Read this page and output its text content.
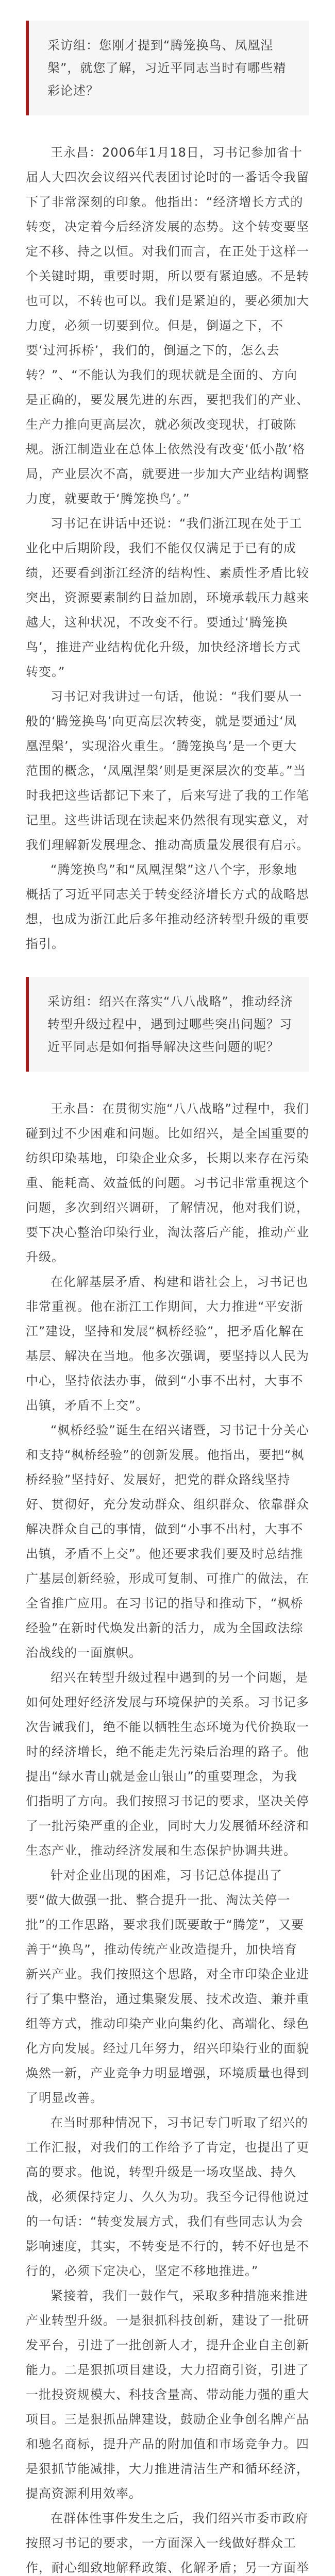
采访组：您刚才提到“腾笼换鸟、凤凰涅槃”，就您了解，习近平同志当时有哪些精彩论述？

王永昌：2006年1月18日，习书记参加省十届人大四次会议绍兴代表团讨论时的一番话令我留下了非常深刻的印象。他指出：“经济增长方式的转变，决定着今后经济发展的态势。这个转变要坚定不移、持之以恒。对我们而言，在正处于这样一个关键时期，重要时期，所以要有紧迫感。不是转也可以，不转也可以。我们是紧迫的，要必须加大力度，必须一切要到位。但是，倒逼之下，不要‘过河拆桥’，我们的，倒逼之下的，怎么去转？”、“不能认为我们的现状就是全面的、方向是正确的，要发展先进的东西，要把我们的产业、生产力推向更高层次，就必须改变现状，打破陈规。浙江制造业在总体上依然没有改变‘低小散’格局，产业层次不高，就要进一步加大产业结构调整力度，就要敢于‘腾笼换鸟’。”

习书记在讲话中还说：“我们浙江现在处于工业化中后期阶段，我们不能仅仅满足于已有的成绩，还要看到浙江经济的结构性、素质性矛盾比较突出，资源要素制约日益加剧，环境承载压力越来越大，这种状况，不改变不行。要通过‘腾笼换鸟’，推进产业结构优化升级，加快经济增长方式转变。”

习书记对我讲过一句话，他说：“我们要从一般的‘腾笼换鸟’向更高层次转变，就是要通过‘凤凰涅槃’，实现浴火重生。‘腾笼换鸟’是一个更大范围的概念，‘凤凰涅槃’则是更深层次的变革。”当时我把这些话都记下来了，后来写进了我的工作笔记里。这些讲话现在读起来仍然很有现实意义，对我们理解新发展理念、推动高质量发展很有启示。

“腾笼换鸟”和“凤凰涅槃”这八个字，形象地概括了习近平同志关于转变经济增长方式的战略思想，也成为浙江此后多年推动经济转型升级的重要指引。

采访组：绍兴在落实“八八战略”，推动经济转型升级过程中，遇到过哪些突出问题？习近平同志是如何指导解决这些问题的呢？

王永昌：在贯彻实施“八八战略”过程中，我们碰到过不少困难和问题。比如绍兴，是全国重要的纺织印染基地，印染企业众多，长期以来存在污染重、能耗高、效益低的问题。习书记非常重视这个问题，多次到绍兴调研，了解情况，他对我们说，要下决心整治印染行业，淘汰落后产能，推动产业升级。

在化解基层矛盾、构建和谐社会上，习书记也非常重视。他在浙江工作期间，大力推进“平安浙江”建设，坚持和发展“枫桥经验”，把矛盾化解在基层、解决在当地。他多次强调，要坚持以人民为中心，坚持依法办事，做到“小事不出村，大事不出镇，矛盾不上交”。

“枫桥经验”诞生在绍兴诸暨，习书记十分关心和支持“枫桥经验”的创新发展。他指出，要把“枫桥经验”坚持好、发展好，把党的群众路线坚持好、贯彻好，充分发动群众、组织群众、依靠群众解决群众自己的事情，做到“小事不出村，大事不出镇，矛盾不上交”。他还要求我们要及时总结推广基层创新经验，形成可复制、可推广的做法，在全省推广应用。在习书记的指导和推动下，“枫桥经验”在新时代焕发出新的活力，成为全国政法综治战线的一面旗帜。

绍兴在转型升级过程中遇到的另一个问题，是如何处理好经济发展与环境保护的关系。习书记多次告诫我们，绝不能以牺牲生态环境为代价换取一时的经济增长，绝不能走先污染后治理的路子。他提出“绿水青山就是金山银山”的重要理念，为我们指明了方向。我们按照习书记的要求，坚决关停了一批污染严重的企业，同时大力发展循环经济和生态产业，推动经济发展和生态保护协调共进。

针对企业出现的困难，习书记总体提出了要“做大做强一批、整合提升一批、淘汰关停一批”的工作思路，要求我们既要敢于“腾笼”，又要善于“换鸟”，推动传统产业改造提升，加快培育新兴产业。我们按照这个思路，对全市印染企业进行了集中整治，通过集聚发展、技术改造、兼并重组等方式，推动印染产业向集约化、高端化、绿色化方向发展。经过几年努力，绍兴印染行业的面貌焕然一新，产业竞争力明显增强，环境质量也得到了明显改善。

在当时那种情况下，习书记专门听取了绍兴的工作汇报，对我们的工作给予了肯定，也提出了更高的要求。他说，转型升级是一场攻坚战、持久战，必须保持定力、久久为功。我至今记得他说过的一句话：“转变发展方式，我们有些同志认为会影响速度，其实，不转变是不行的，转不好也是不行的，必须下定决心，坚定不移地推进。”

紧接着，我们一鼓作气，采取多种措施来推进产业转型升级。一是狠抓科技创新，建设了一批研发平台，引进了一批创新人才，提升企业自主创新能力。二是狠抓项目建设，大力招商引资，引进了一批投资规模大、科技含量高、带动能力强的重大项目。三是狠抓品牌建设，鼓励企业争创名牌产品和驰名商标，提升产品的附加值和市场竞争力。四是狠抓节能减排，大力推进清洁生产和循环经济，提高资源利用效率。

在群体性事件发生之后，我们绍兴市委市政府按照习书记的要求，一方面深入一线做好群众工作，耐心细致地解释政策、化解矛盾；另一方面举
